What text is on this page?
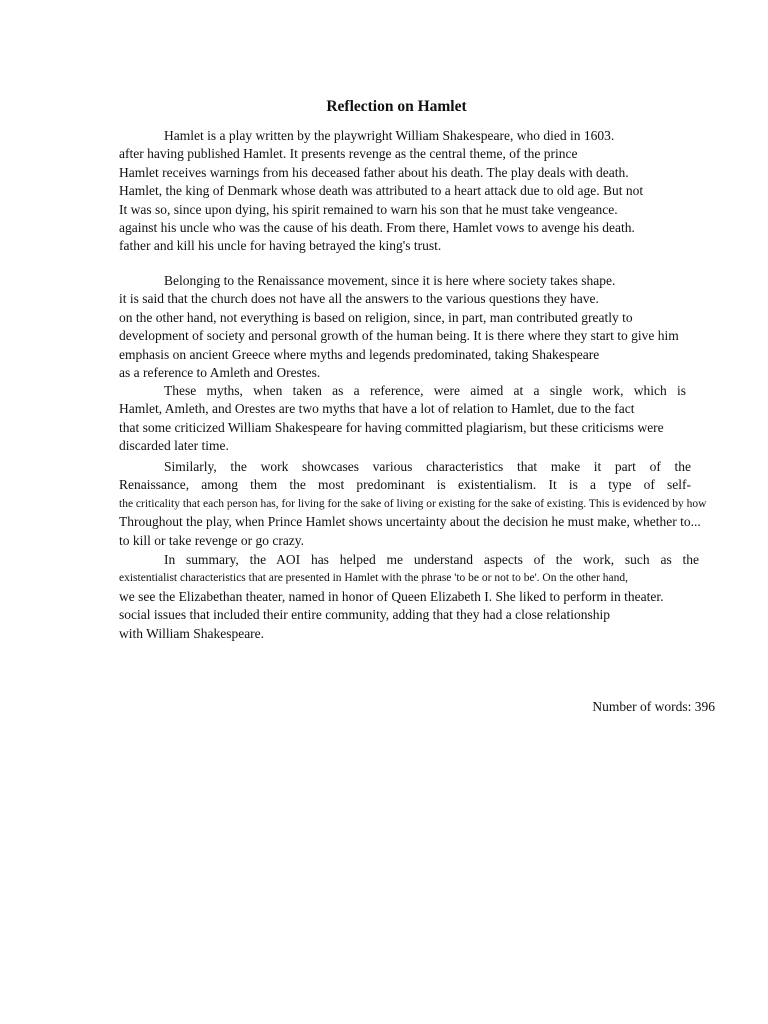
Reflection on Hamlet
Hamlet is a play written by the playwright William Shakespeare, who died in 1603.
after having published Hamlet. It presents revenge as the central theme, of the prince
Hamlet receives warnings from his deceased father about his death. The play deals with death.
Hamlet, the king of Denmark whose death was attributed to a heart attack due to old age. But not
It was so, since upon dying, his spirit remained to warn his son that he must take vengeance.
against his uncle who was the cause of his death. From there, Hamlet vows to avenge his death.
father and kill his uncle for having betrayed the king's trust.
Belonging to the Renaissance movement, since it is here where society takes shape.
it is said that the church does not have all the answers to the various questions they have.
on the other hand, not everything is based on religion, since, in part, man contributed greatly to
development of society and personal growth of the human being. It is there where they start to give him
emphasis on ancient Greece where myths and legends predominated, taking Shakespeare
as a reference to Amleth and Orestes.
These myths, when taken as a reference, were aimed at a single work, which is
Hamlet, Amleth, and Orestes are two myths that have a lot of relation to Hamlet, due to the fact
that some criticized William Shakespeare for having committed plagiarism, but these criticisms were
discarded later time.
Similarly, the work showcases various characteristics that make it part of the
Renaissance, among them the most predominant is existentialism. It is a type of self-
the criticality that each person has, for living for the sake of living or existing for the sake of existing. This is evidenced by how
Throughout the play, when Prince Hamlet shows uncertainty about the decision he must make, whether to...
to kill or take revenge or go crazy.
In summary, the AOI has helped me understand aspects of the work, such as the
existentialist characteristics that are presented in Hamlet with the phrase 'to be or not to be'. On the other hand,
we see the Elizabethan theater, named in honor of Queen Elizabeth I. She liked to perform in theater.
social issues that included their entire community, adding that they had a close relationship
with William Shakespeare.
Number of words: 396
